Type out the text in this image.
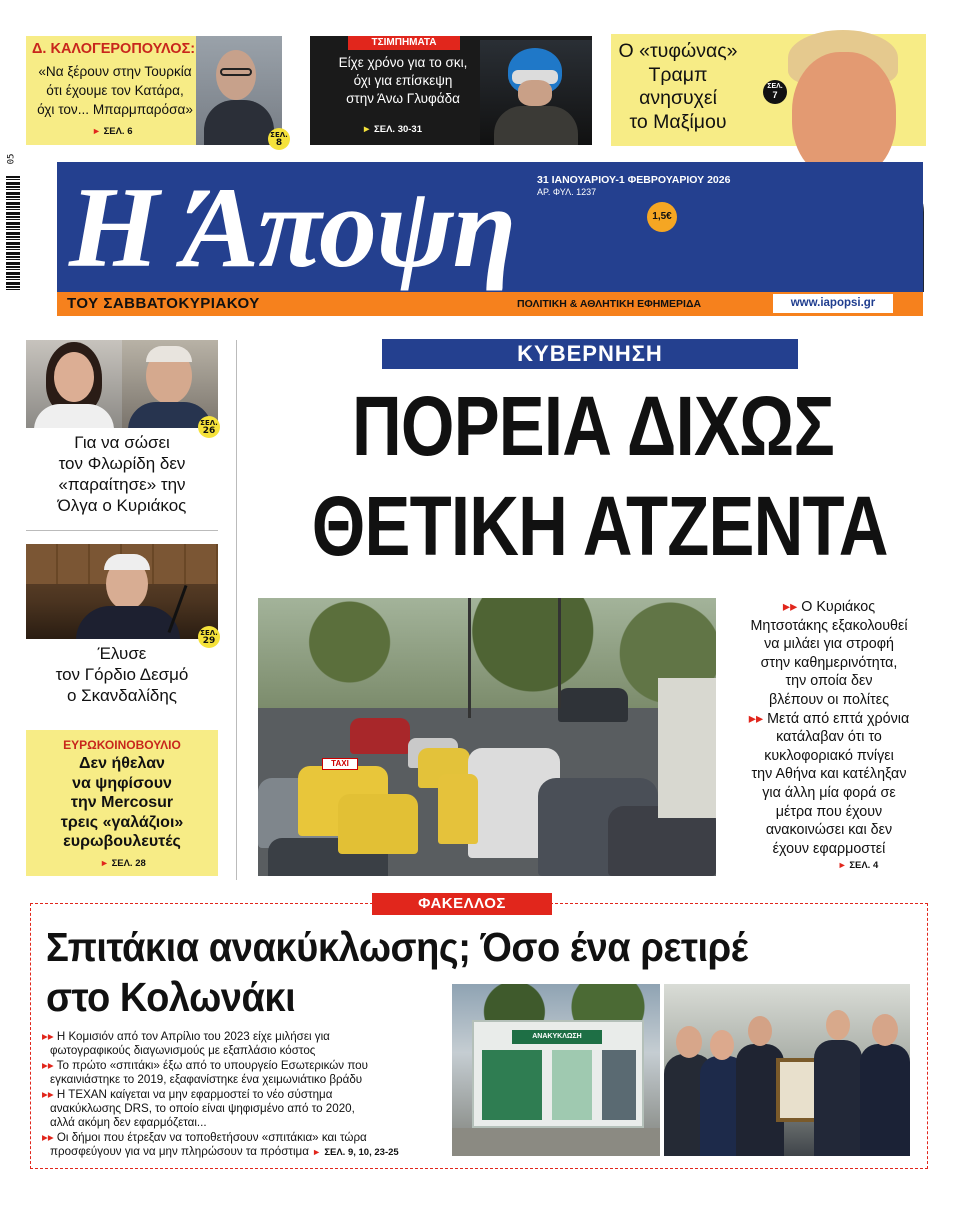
Δ. ΚΑΛΟΓΕΡΟΠΟΥΛΟΣ:
«Να ξέρουν στην Τουρκία
ότι έχουμε τον Κατάρα,
όχι τον... Μπαρμπαρόσα»
► ΣΕΛ. 6	ΣΕΛ.
8
ΤΣΙΜΠΗΜΑΤΑ
Είχε χρόνο για το σκι,
όχι για επίσκεψη
στην Άνω Γλυφάδα
► ΣΕΛ. 30-31
Ο «τυφώνας»
Τραμπ
ανησυχεί
το Μαξίμου
ΣΕΛ.
7
05
Η Άποψη 31 ΙΑΝΟΥΑΡΙΟΥ-1 ΦΕΒΡΟΥΑΡΙΟΥ 2026
ΑΡ. ΦΥΛ. 1237
1,5€
ΤΟΥ ΣΑΒΒΑΤΟΚΥΡΙΑΚΟΥ	ΠΟΛΙΤΙΚΗ & ΑΘΛΗΤΙΚΗ ΕΦΗΜΕΡΙΔΑ	www.iapopsi.gr
ΣΕΛ.
26
Για να σώσει
τον Φλωρίδη δεν
«παραίτησε» την
Όλγα ο Κυριάκος
ΣΕΛ.
29
Έλυσε
τον Γόρδιο Δεσμό
ο Σκανδαλίδης
ΕΥΡΩΚΟΙΝΟΒΟΥΛΙΟ
Δεν ήθελαν
να ψηφίσουν
την Mercosur
τρεις «γαλάζιοι»
ευρωβουλευτές
► ΣΕΛ. 28
ΚΥΒΕΡΝΗΣΗ
ΠΟΡΕΙΑ ΔΙΧΩΣ
ΘΕΤΙΚΗ ΑΤΖΕΝΤΑ
TAXI
▸▸ Ο Κυριάκος
Μητσοτάκης εξακολουθεί
να μιλάει για στροφή
στην καθημερινότητα,
την οποία δεν
βλέπουν οι πολίτες
▸▸ Μετά από επτά χρόνια
κατάλαβαν ότι το
κυκλοφοριακό πνίγει
την Αθήνα και κατέληξαν
για άλλη μία φορά σε
μέτρα που έχουν
ανακοινώσει και δεν
έχουν εφαρμοστεί
► ΣΕΛ. 4
ΦΑΚΕΛΛΟΣ
Σπιτάκια ανακύκλωσης; Όσο ένα ρετιρέ
στο Κολωνάκι
▸▸ Η Κομισιόν από τον Απρίλιο του 2023 είχε μιλήσει για
φωτογραφικούς διαγωνισμούς με εξαπλάσιο κόστος
▸▸ Το πρώτο «σπιτάκι» έξω από το υπουργείο Εσωτερικών που
εγκαινιάστηκε το 2019, εξαφανίστηκε ένα χειμωνιάτικο βράδυ
▸▸ Η ΤΕΧΑΝ καίγεται να μην εφαρμοστεί το νέο σύστημα
ανακύκλωσης DRS, το οποίο είναι ψηφισμένο από το 2020,
αλλά ακόμη δεν εφαρμόζεται...
▸▸ Οι δήμοι που έτρεξαν να τοποθετήσουν «σπιτάκια» και τώρα
προσφεύγουν για να μην πληρώσουν τα πρόστιμα ► ΣΕΛ. 9, 10, 23-25
ΑΝΑΚΥΚΛΩΣΗ
